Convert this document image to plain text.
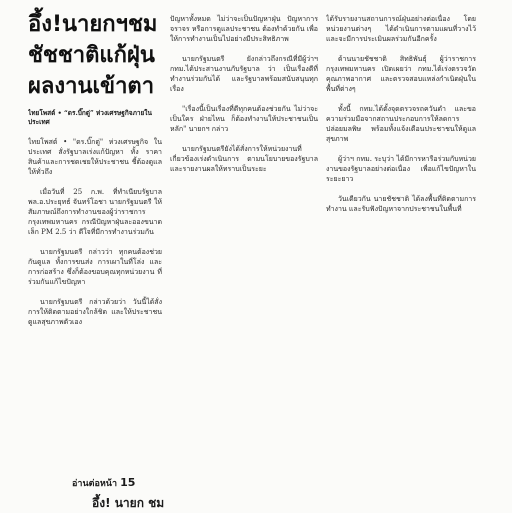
อึ้ง!นายกฯชม
ชัชชาติแก้ฝุ่น
ผลงานเข้าตา
ไทยโพสต์ • “ดร.บิ๊กตู่” ห่วงเศรษฐกิจภายในประเทศ

ไทยโพสต์ • "ดร.บิ๊กตู่" ห่วงเศรษฐกิจ ในประเทศ สั่งรัฐบาลเร่งแก้ปัญหา ทั้ง ราคาสินค้าและการชดเชยให้ประชาชน ชี้ต้องดูแลให้ทั่วถึง

เมื่อวันที่ 25 ก.พ. ที่ทำเนียบรัฐบาล พล.อ.ประยุทธ์ จันทร์โอชา นายกรัฐมนตรี ให้สัมภาษณ์ถึงการทำงานของผู้ว่าราชการกรุงเทพมหานคร กรณีปัญหาฝุ่นละอองขนาดเล็ก PM 2.5 ว่า ดีใจที่มีการทำงานร่วมกัน

นายกรัฐมนตรี กล่าวว่า ทุกคนต้องช่วยกันดูแล ทั้งการขนส่ง การเผาในที่โล่ง และการก่อสร้าง ซึ่งก็ต้องขอบคุณทุกหน่วยงาน ที่ร่วมกันแก้ไขปัญหา

นายกรัฐมนตรี กล่าวด้วยว่า วันนี้ได้สั่งการให้ติดตามอย่างใกล้ชิด และให้ประชาชนดูแลสุขภาพตัวเอง

อ่านต่อหน้า 15
อึ้ง! นายก ชม

ปัญหาทั้งหมด ไม่ว่าจะเป็นปัญหาฝุ่น ปัญหาการจราจร หรือการดูแลประชาชน ต้องทำด้วยกัน เพื่อให้การทำงานเป็นไปอย่างมีประสิทธิภาพ

นายกรัฐมนตรี ยังกล่าวถึงกรณีที่มีผู้ว่าฯ กทม.ได้ประสานงานกับรัฐบาล ว่า เป็นเรื่องดีที่ทำงานร่วมกันได้ และรัฐบาลพร้อมสนับสนุนทุกเรื่อง

"เรื่องนี้เป็นเรื่องที่ดีทุกคนต้องช่วยกัน ไม่ว่าจะเป็นใคร ฝ่ายไหน ก็ต้องทำงานให้ประชาชนเป็นหลัก" นายกฯ กล่าว

นายกรัฐมนตรียังได้สั่งการให้หน่วยงานที่เกี่ยวข้องเร่งดำเนินการ ตามนโยบายของรัฐบาล และรายงานผลให้ทราบเป็นระยะ

ได้รับรายงานสถานการณ์ฝุ่นอย่างต่อเนื่อง โดยหน่วยงานต่างๆ ได้ดำเนินการตามแผนที่วางไว้ และจะมีการประเมินผลร่วมกันอีกครั้ง

ด้านนายชัชชาติ สิทธิพันธุ์ ผู้ว่าราชการกรุงเทพมหานคร เปิดเผยว่า กทม.ได้เร่งตรวจวัดคุณภาพอากาศ และตรวจสอบแหล่งกำเนิดฝุ่นในพื้นที่ต่างๆ

ทั้งนี้ กทม.ได้ตั้งจุดตรวจรถควันดำ และขอความร่วมมือจากสถานประกอบการให้ลดการปล่อยมลพิษ พร้อมทั้งแจ้งเตือนประชาชนให้ดูแลสุขภาพ

ผู้ว่าฯ กทม. ระบุว่า ได้มีการหารือร่วมกับหน่วยงานของรัฐบาลอย่างต่อเนื่อง เพื่อแก้ไขปัญหาในระยะยาว

วันเดียวกัน นายชัชชาติ ได้ลงพื้นที่ติดตามการทำงาน และรับฟังปัญหาจากประชาชนในพื้นที่
